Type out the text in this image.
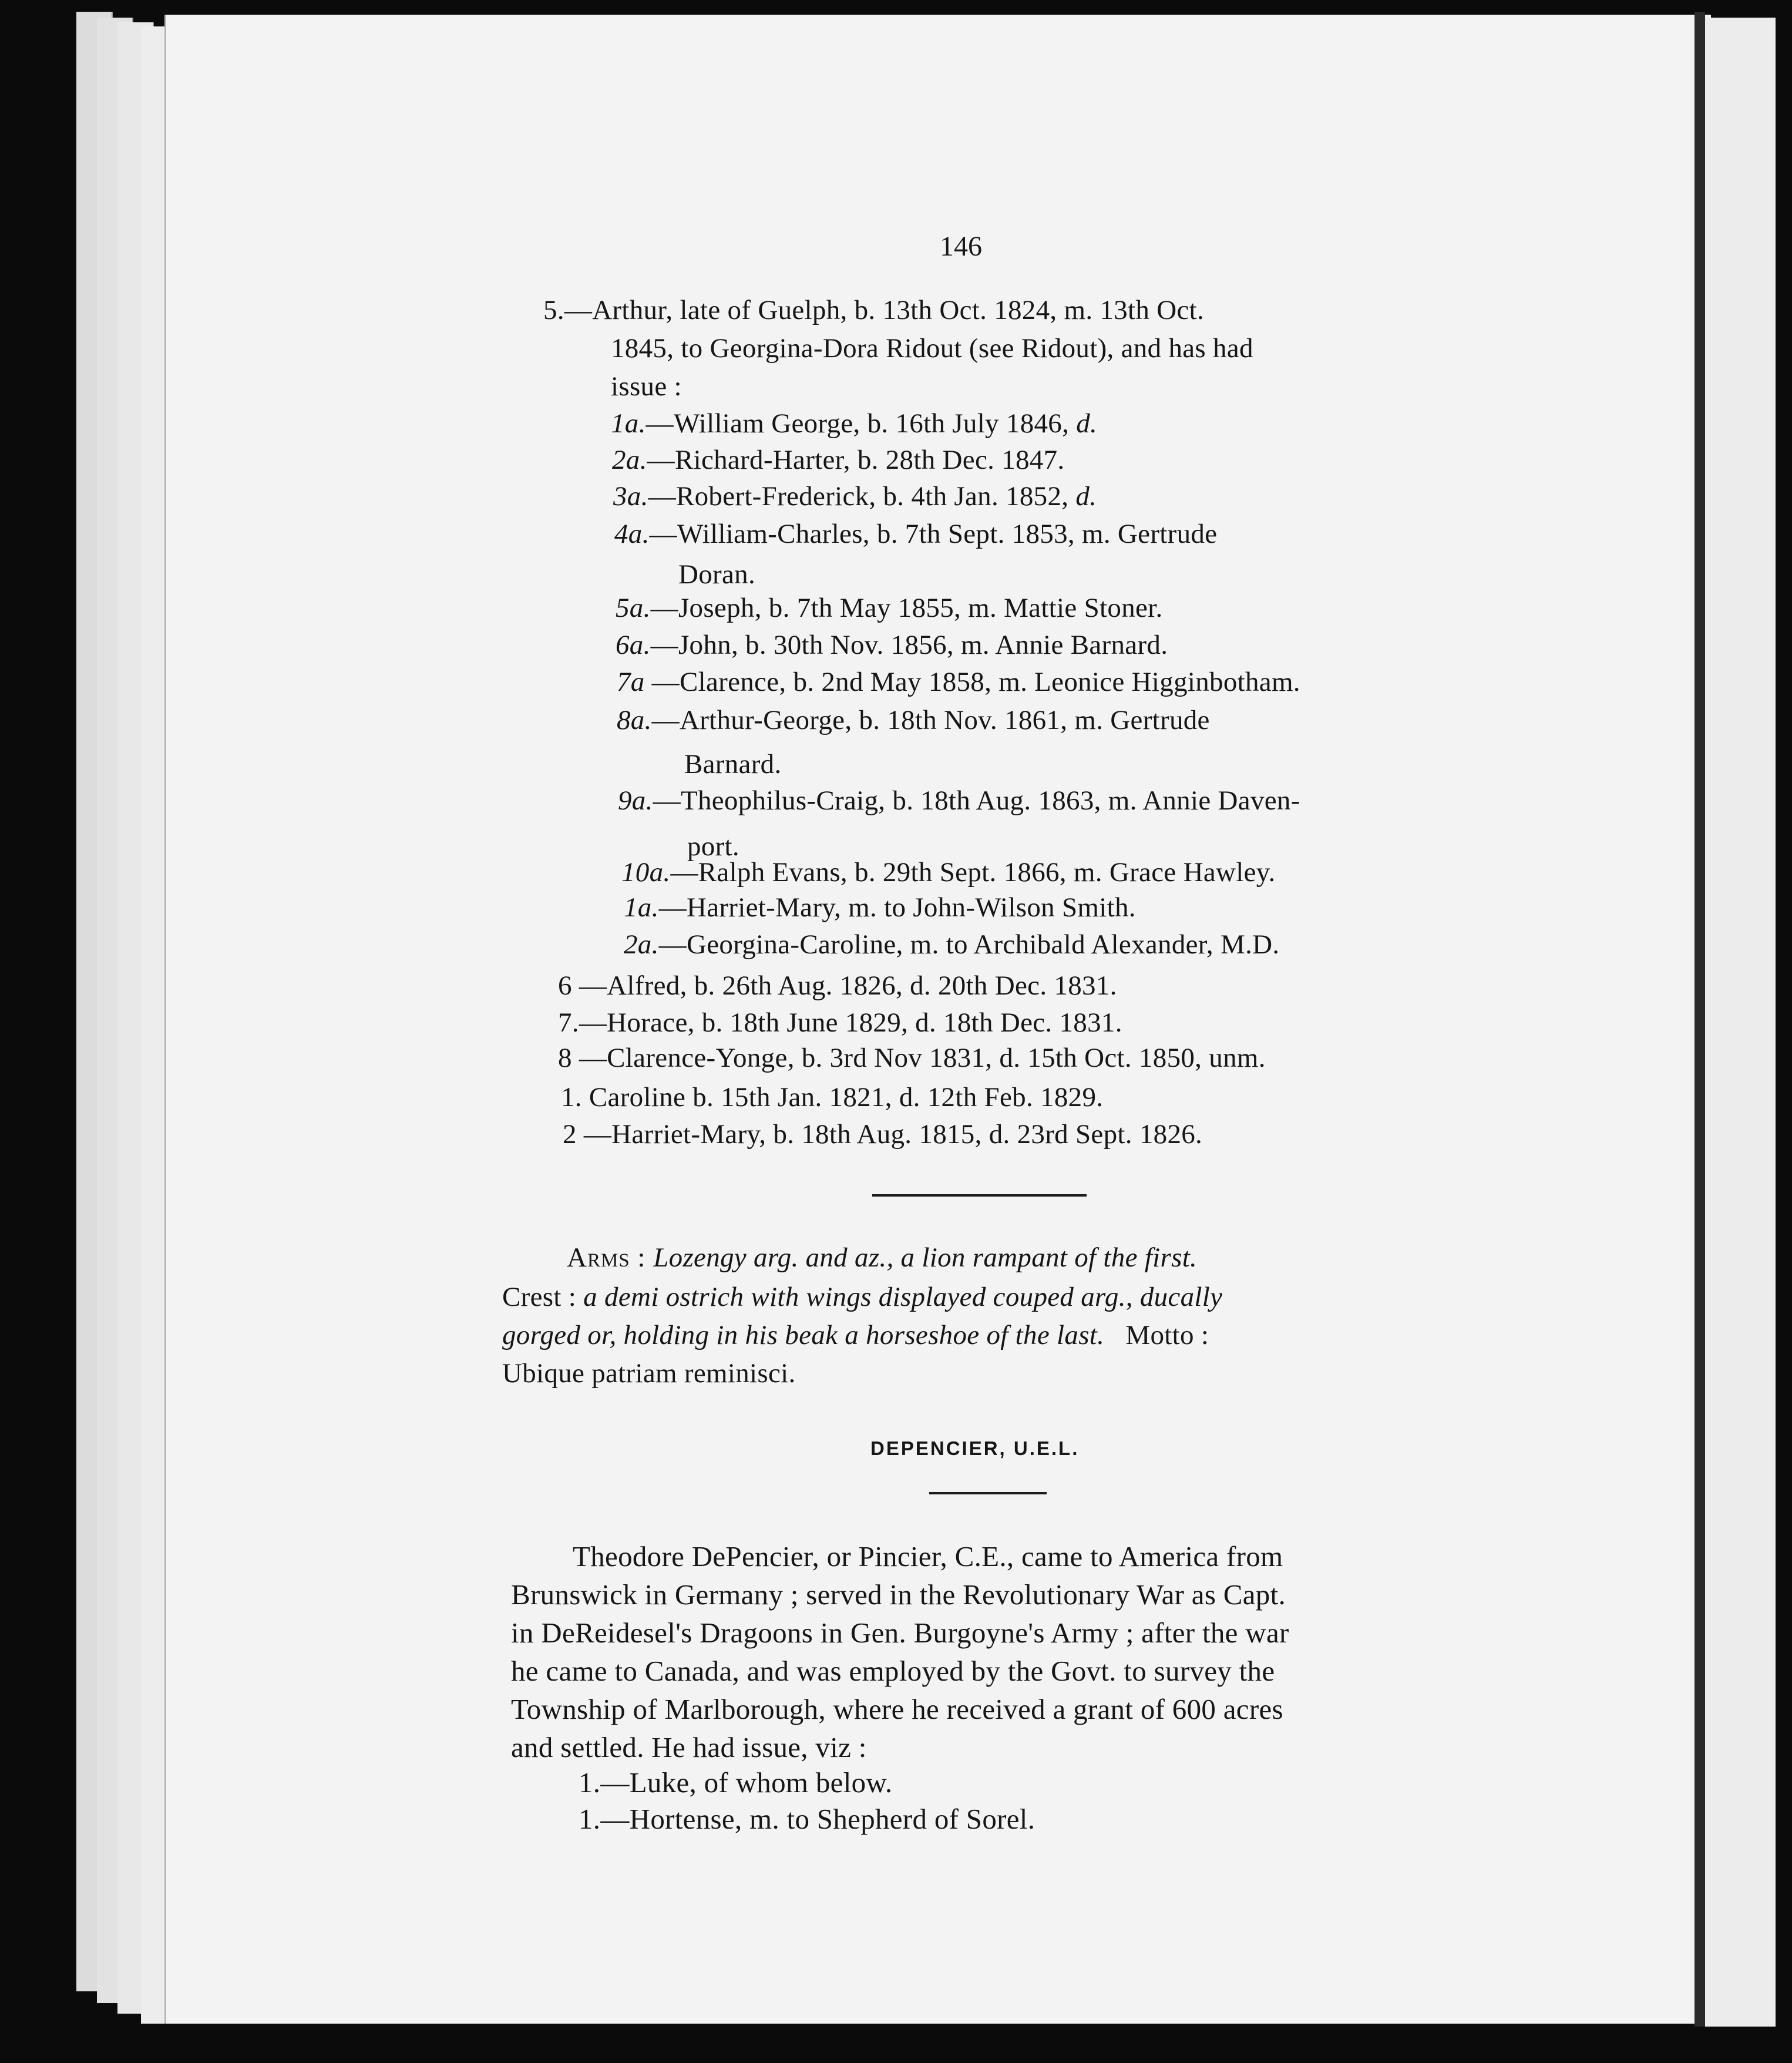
146
5.—Arthur, late of Guelph, b. 13th Oct. 1824, m. 13th Oct.
1845, to Georgina-Dora Ridout (see Ridout), and has had
issue :
1a.—William George, b. 16th July 1846, d.
2a.—Richard-Harter, b. 28th Dec. 1847.
3a.—Robert-Frederick, b. 4th Jan. 1852, d.
4a.—William-Charles, b. 7th Sept. 1853, m. Gertrude
Doran.
5a.—Joseph, b. 7th May 1855, m. Mattie Stoner.
6a.—John, b. 30th Nov. 1856, m. Annie Barnard.
7a —Clarence, b. 2nd May 1858, m. Leonice Higginbotham.
8a.—Arthur-George, b. 18th Nov. 1861, m. Gertrude
Barnard.
9a.—Theophilus-Craig, b. 18th Aug. 1863, m. Annie Daven-
port.
10a.—Ralph Evans, b. 29th Sept. 1866, m. Grace Hawley.
1a.—Harriet-Mary, m. to John-Wilson Smith.
2a.—Georgina-Caroline, m. to Archibald Alexander, M.D.
6 —Alfred, b. 26th Aug. 1826, d. 20th Dec. 1831.
7.—Horace, b. 18th June 1829, d. 18th Dec. 1831.
8 —Clarence-Yonge, b. 3rd Nov 1831, d. 15th Oct. 1850, unm.
1. Caroline b. 15th Jan. 1821, d. 12th Feb. 1829.
2 —Harriet-Mary, b. 18th Aug. 1815, d. 23rd Sept. 1826.
Arms : Lozengy arg. and az., a lion rampant of the first.
Crest : a demi ostrich with wings displayed couped arg., ducally
gorged or, holding in his beak a horseshoe of the last. Motto :
Ubique patriam reminisci.
DEPENCIER, U.E.L.
Theodore DePencier, or Pincier, C.E., came to America from
Brunswick in Germany ; served in the Revolutionary War as Capt.
in DeReidesel's Dragoons in Gen. Burgoyne's Army ; after the war
he came to Canada, and was employed by the Govt. to survey the
Township of Marlborough, where he received a grant of 600 acres
and settled. He had issue, viz :
1.—Luke, of whom below.
1.—Hortense, m. to Shepherd of Sorel.
